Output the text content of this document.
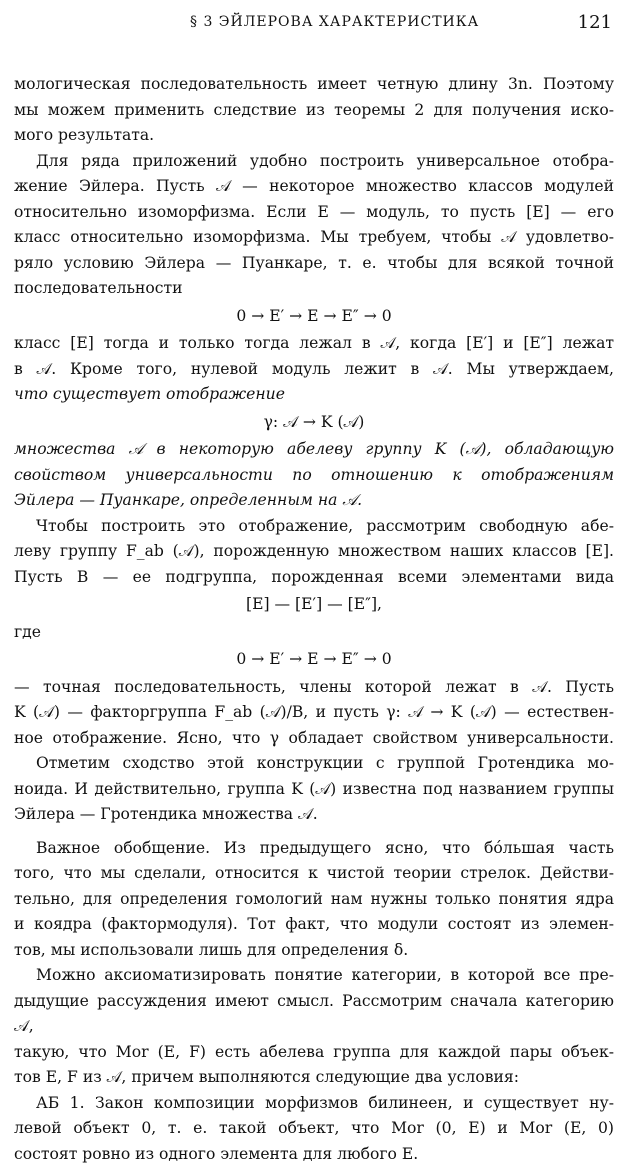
§ 3 ЭЙЛЕРОВА ХАРАКТЕРИСТИКА	121
мологическая последовательность имеет четную длину 3n. Поэтому
мы можем применить следствие из теоремы 2 для получения иско-
мого результата.
Для ряда приложений удобно построить универсальное отобра-
жение Эйлера. Пусть 𝒜 — некоторое множество классов модулей
относительно изоморфизма. Если E — модуль, то пусть [E] — его
класс относительно изоморфизма. Мы требуем, чтобы 𝒜 удовлетво-
ряло условию Эйлера — Пуанкаре, т. е. чтобы для всякой точной
последовательности
0 → E′ → E → E″ → 0
класс [E] тогда и только тогда лежал в 𝒜, когда [E′] и [E″] лежат
в 𝒜. Кроме того, нулевой модуль лежит в 𝒜. Мы утверждаем,
что существует отображение
γ: 𝒜 → K (𝒜)
множества 𝒜 в некоторую абелеву группу K (𝒜), обладающую
свойством универсальности по отношению к отображениям
Эйлера — Пуанкаре, определенным на 𝒜.
Чтобы построить это отображение, рассмотрим свободную абе-
леву группу F_ab (𝒜), порожденную множеством наших классов [E].
Пусть B — ее подгруппа, порожденная всеми элементами вида
[E] — [E′] — [E″],
где
0 → E′ → E → E″ → 0
— точная последовательность, члены которой лежат в 𝒜. Пусть
K (𝒜) — факторгруппа F_ab (𝒜)/B, и пусть γ: 𝒜 → K (𝒜) — естествен-
ное отображение. Ясно, что γ обладает свойством универсальности.
Отметим сходство этой конструкции с группой Гротендика мо-
ноида. И действительно, группа K (𝒜) известна под названием группы
Эйлера — Гротендика множества 𝒜.
Важное обобщение. Из предыдущего ясно, что бóльшая часть
того, что мы сделали, относится к чистой теории стрелок. Действи-
тельно, для определения гомологий нам нужны только понятия ядра
и коядра (фактормодуля). Тот факт, что модули состоят из элемен-
тов, мы использовали лишь для определения δ.
Можно аксиоматизировать понятие категории, в которой все пре-
дыдущие рассуждения имеют смысл. Рассмотрим сначала категорию 𝒜,
такую, что Mor (E, F) есть абелева группа для каждой пары объек-
тов E, F из 𝒜, причем выполняются следующие два условия:
АБ 1. Закон композиции морфизмов билинеен, и существует ну-
левой объект 0, т. е. такой объект, что Mor (0, E) и Mor (E, 0)
состоят ровно из одного элемента для любого E.
